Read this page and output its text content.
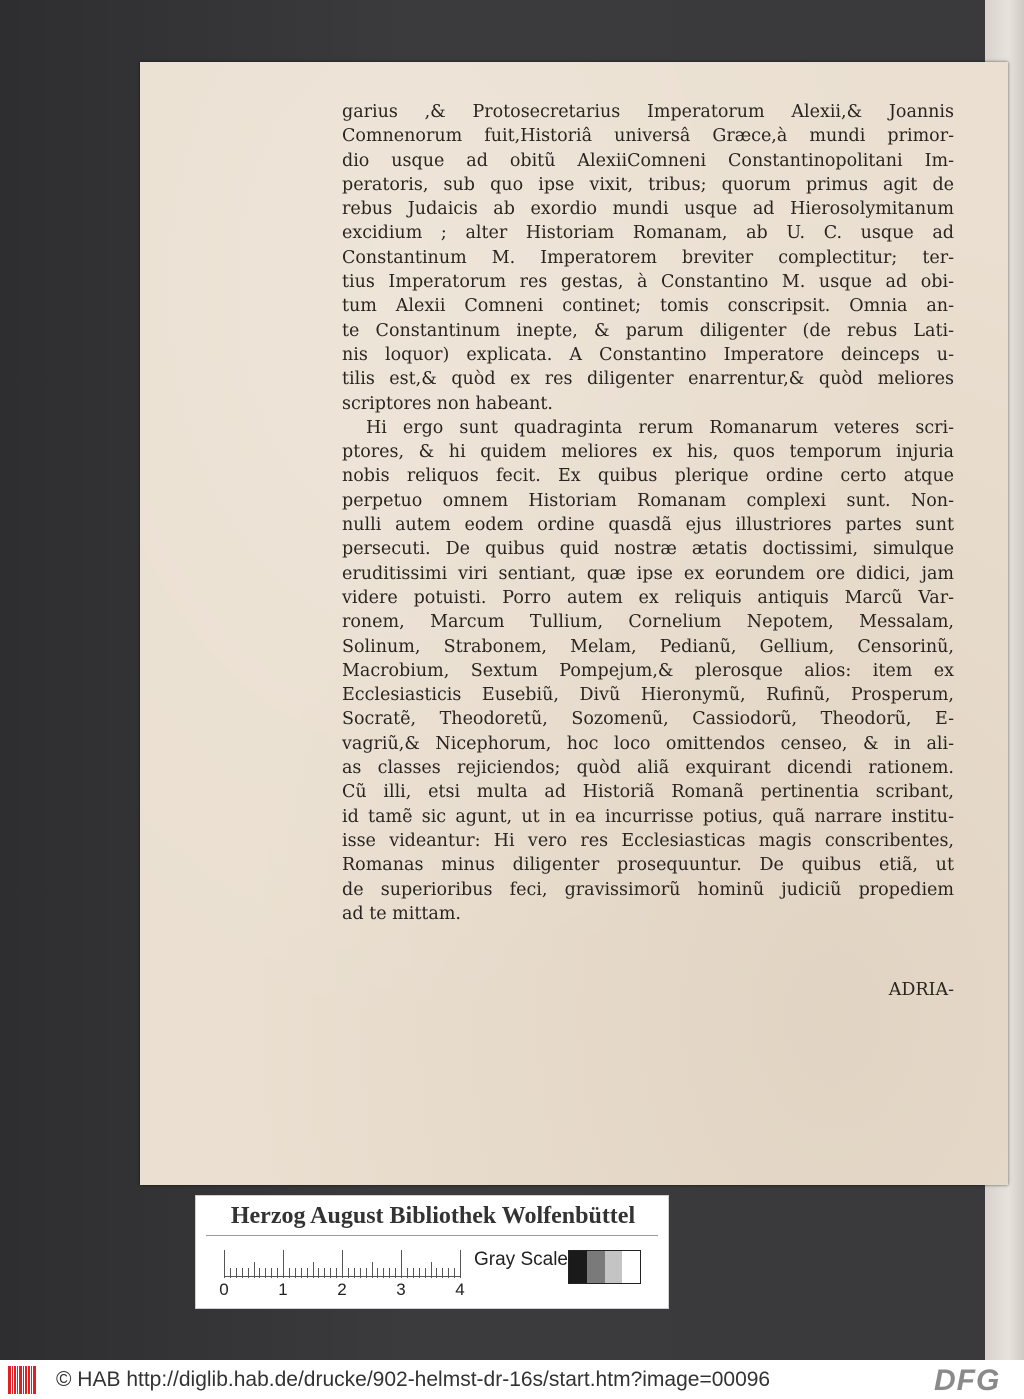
garius ,& Protosecretarius Imperatorum Alexii,& Joannis
Comnenorum fuit,Historiâ universâ Græce,à mundi primor-
dio usque ad obitũ AlexiiComneni Constantinopolitani Im-
peratoris, sub quo ipse vixit, tribus; quorum primus agit de
rebus Judaicis ab exordio mundi usque ad Hierosolymitanum
excidium ; alter Historiam Romanam, ab U. C. usque ad
Constantinum M. Imperatorem breviter complectitur; ter-
tius Imperatorum res gestas, à Constantino M. usque ad obi-
tum Alexii Comneni continet; tomis conscripsit. Omnia an-
te Constantinum inepte, & parum diligenter (de rebus Lati-
nis loquor) explicata. A Constantino Imperatore deinceps u-
tilis est,& quòd ex res diligenter enarrentur,& quòd meliores
scriptores non habeant.
Hi ergo sunt quadraginta rerum Romanarum veteres scri-
ptores, & hi quidem meliores ex his, quos temporum injuria
nobis reliquos fecit. Ex quibus plerique ordine certo atque
perpetuo omnem Historiam Romanam complexi sunt. Non-
nulli autem eodem ordine quasdã ejus illustriores partes sunt
persecuti. De quibus quid nostræ ætatis doctissimi, simulque
eruditissimi viri sentiant, quæ ipse ex eorundem ore didici, jam
videre potuisti. Porro autem ex reliquis antiquis Marcũ Var-
ronem, Marcum Tullium, Cornelium Nepotem, Messalam,
Solinum, Strabonem, Melam, Pedianũ, Gellium, Censorinũ,
Macrobium, Sextum Pompejum,& plerosque alios: item ex
Ecclesiasticis Eusebiũ, Divũ Hieronymũ, Rufinũ, Prosperum,
Socratẽ, Theodoretũ, Sozomenũ, Cassiodorũ, Theodorũ, E-
vagriũ,& Nicephorum, hoc loco omittendos censeo, & in ali-
as classes rejiciendos; quòd aliã exquirant dicendi rationem.
Cũ illi, etsi multa ad Historiã Romanã pertinentia scribant,
id tamẽ sic agunt, ut in ea incurrisse potius, quã narrare institu-
isse videantur: Hi vero res Ecclesiasticas magis conscribentes,
Romanas minus diligenter prosequuntur. De quibus etiã, ut
de superioribus feci, gravissimorũ hominũ judiciũ propediem
ad te mittam.
ADRIA-
Herzog August Bibliothek Wolfenbüttel
0	1	2	3	4
Gray Scale
© HAB http://diglib.hab.de/drucke/902-helmst-dr-16s/start.htm?image=00096	DFG
